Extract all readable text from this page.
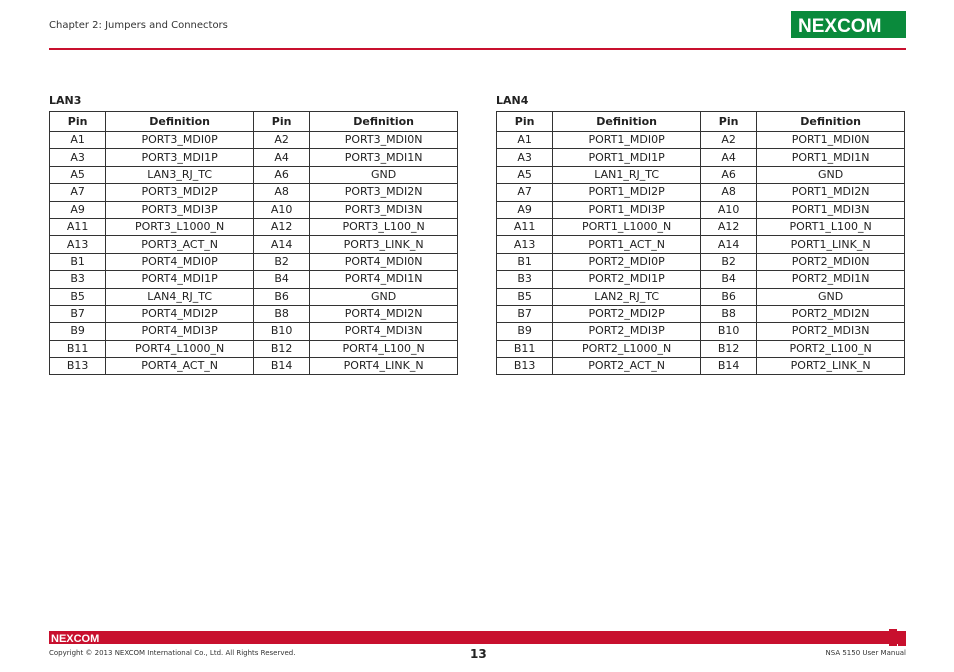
Chapter 2: Jumpers and Connectors	NEXCOM
LAN3
Pin	Definition	Pin	Definition
A1	PORT3_MDI0P	A2	PORT3_MDI0N
A3	PORT3_MDI1P	A4	PORT3_MDI1N
A5	LAN3_RJ_TC	A6	GND
A7	PORT3_MDI2P	A8	PORT3_MDI2N
A9	PORT3_MDI3P	A10	PORT3_MDI3N
A11	PORT3_L1000_N	A12	PORT3_L100_N
A13	PORT3_ACT_N	A14	PORT3_LINK_N
B1	PORT4_MDI0P	B2	PORT4_MDI0N
B3	PORT4_MDI1P	B4	PORT4_MDI1N
B5	LAN4_RJ_TC	B6	GND
B7	PORT4_MDI2P	B8	PORT4_MDI2N
B9	PORT4_MDI3P	B10	PORT4_MDI3N
B11	PORT4_L1000_N	B12	PORT4_L100_N
B13	PORT4_ACT_N	B14	PORT4_LINK_N
LAN4
Pin	Definition	Pin	Definition
A1	PORT1_MDI0P	A2	PORT1_MDI0N
A3	PORT1_MDI1P	A4	PORT1_MDI1N
A5	LAN1_RJ_TC	A6	GND
A7	PORT1_MDI2P	A8	PORT1_MDI2N
A9	PORT1_MDI3P	A10	PORT1_MDI3N
A11	PORT1_L1000_N	A12	PORT1_L100_N
A13	PORT1_ACT_N	A14	PORT1_LINK_N
B1	PORT2_MDI0P	B2	PORT2_MDI0N
B3	PORT2_MDI1P	B4	PORT2_MDI1N
B5	LAN2_RJ_TC	B6	GND
B7	PORT2_MDI2P	B8	PORT2_MDI2N
B9	PORT2_MDI3P	B10	PORT2_MDI3N
B11	PORT2_L1000_N	B12	PORT2_L100_N
B13	PORT2_ACT_N	B14	PORT2_LINK_N
NEXCOM
Copyright © 2013 NEXCOM International Co., Ltd. All Rights Reserved.	13	NSA 5150 User Manual
